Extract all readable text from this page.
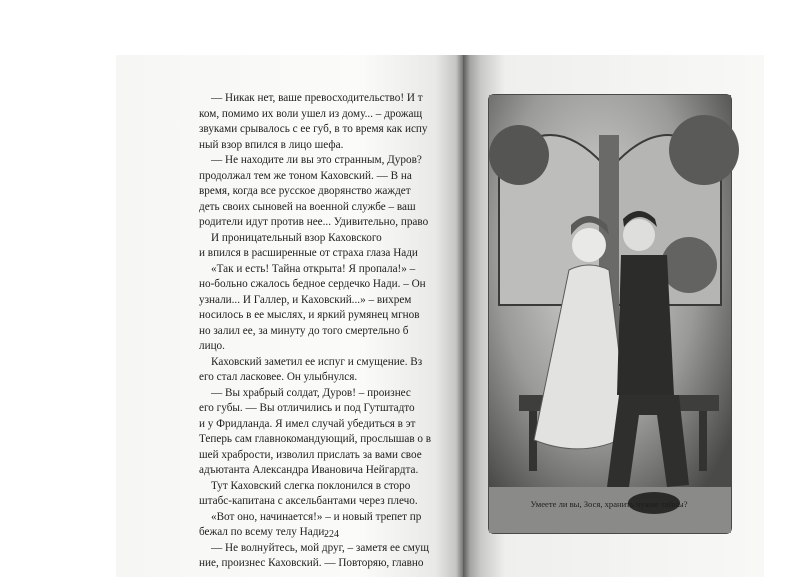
— Никак нет, ваше превосходительство! И т
ком, помимо их воли ушел из дому... – дрожащ
звуками срывалось с ее губ, в то время как испу
ный взор впился в лицо шефа.
— Не находите ли вы это странным, Дуров?
продолжал тем же тоном Каховский. — В на
время, когда все русское дворянство жаждет
деть своих сыновей на военной службе – ваш
родители идут против нее... Удивительно, право
И проницательный взор Каховского
и впился в расширенные от страха глаза Нади
«Так и есть! Тайна открыта! Я пропала!» –
но-больно сжалось бедное сердечко Нади. – Он
узнали... И Галлер, и Каховский...» – вихрем
носилось в ее мыслях, и яркий румянец мгнов
но залил ее, за минуту до того смертельно б
лицо.
Каховский заметил ее испуг и смущение. Вз
его стал ласковее. Он улыбнулся.
— Вы храбрый солдат, Дуров! – произнес
его губы. — Вы отличились и под Гутштадто
и у Фридланда. Я имел случай убедиться в эт
Теперь сам главнокомандующий, прослышав о в
шей храбрости, изволил прислать за вами свое
адъютанта Александра Ивановича Нейгардта.
Тут Каховский слегка поклонился в сторо
штабс-капитана с аксельбантами через плечо.
«Вот оно, начинается!» – и новый трепет пр
бежал по всему телу Нади.
— Не волнуйтесь, мой друг, – заметя ее смущ
ние, произнес Каховский. — Повторяю, главно
224
Умеете ли вы, Зося, хранить чужие тайны?
